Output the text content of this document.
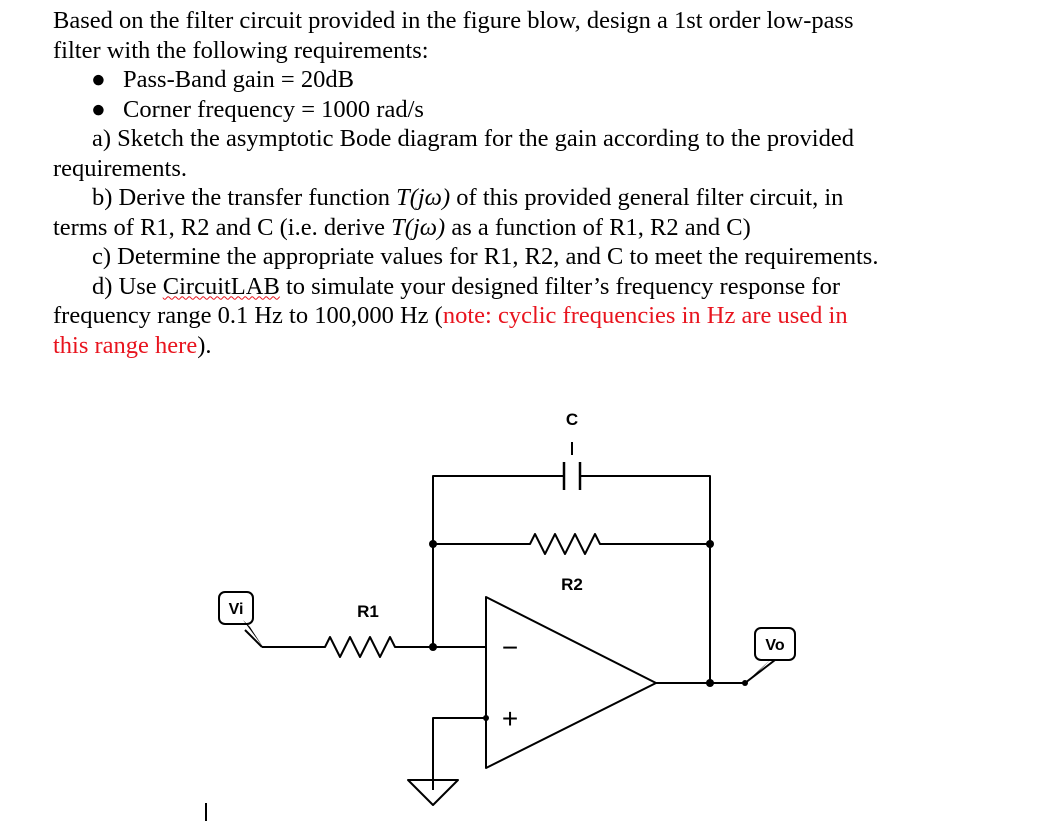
Based on the filter circuit provided in the figure blow, design a 1st order low-pass
filter with the following requirements:
● Pass-Band gain = 20dB
● Corner frequency = 1000 rad/s
a) Sketch the asymptotic Bode diagram for the gain according to the provided
requirements.
b) Derive the transfer function T(jω) of this provided general filter circuit, in
terms of R1, R2 and C (i.e. derive T(jω) as a function of R1, R2 and C)
c) Determine the appropriate values for R1, R2, and C to meet the requirements.
d) Use CircuitLAB to simulate your designed filter’s frequency response for
frequency range 0.1 Hz to 100,000 Hz (note: cyclic frequencies in Hz are used in
this range here).
C
R2
R1
Vi
Vo
−
+
